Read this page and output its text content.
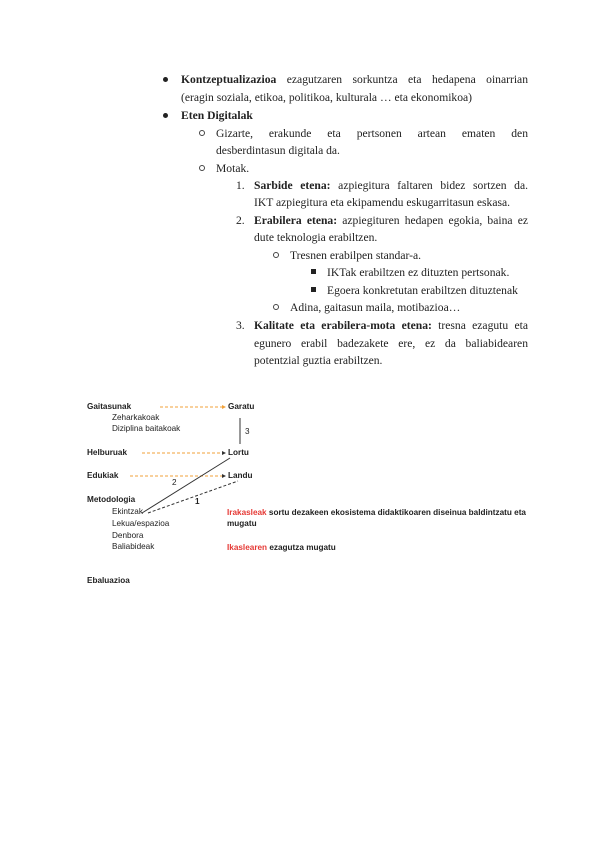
Kontzeptualizazioa ezagutzaren sorkuntza eta hedapena oinarrian
(eragin soziala, etikoa, politikoa, kulturala … eta ekonomikoa)
Eten Digitalak
Gizarte, erakunde eta pertsonen artean ematen den
desberdintasun digitala da.
Motak.
1. Sarbide etena: azpiegitura faltaren bidez sortzen da.
IKT azpiegitura eta ekipamendu eskugarritasun eskasa.
2. Erabilera etena: azpiegituren hedapen egokia, baina ez
dute teknologia erabiltzen.
Tresnen erabilpen standar-a.
IKTak erabiltzen ez dituzten pertsonak.
Egoera konkretutan erabiltzen dituztenak
Adina, gaitasun maila, motibazioa…
3. Kalitate eta erabilera-mota etena: tresna ezagutu eta
egunero erabil badezakete ere, ez da baliabidearen
potentzial guztia erabiltzen.
Gaitasunak
Zeharkakoak
Diziplina baitakoak
Helburuak
Edukiak
Metodologia
Ekintzak
Lekua/espazioa
Denbora
Baliabideak
Garatu
Lortu
Landu
3
2
1
Irakasleak sortu dezakeen ekosistema didaktikoaren diseinua baldintzatu eta
mugatu
Ikaslearen ezagutza mugatu
Ebaluazioa
